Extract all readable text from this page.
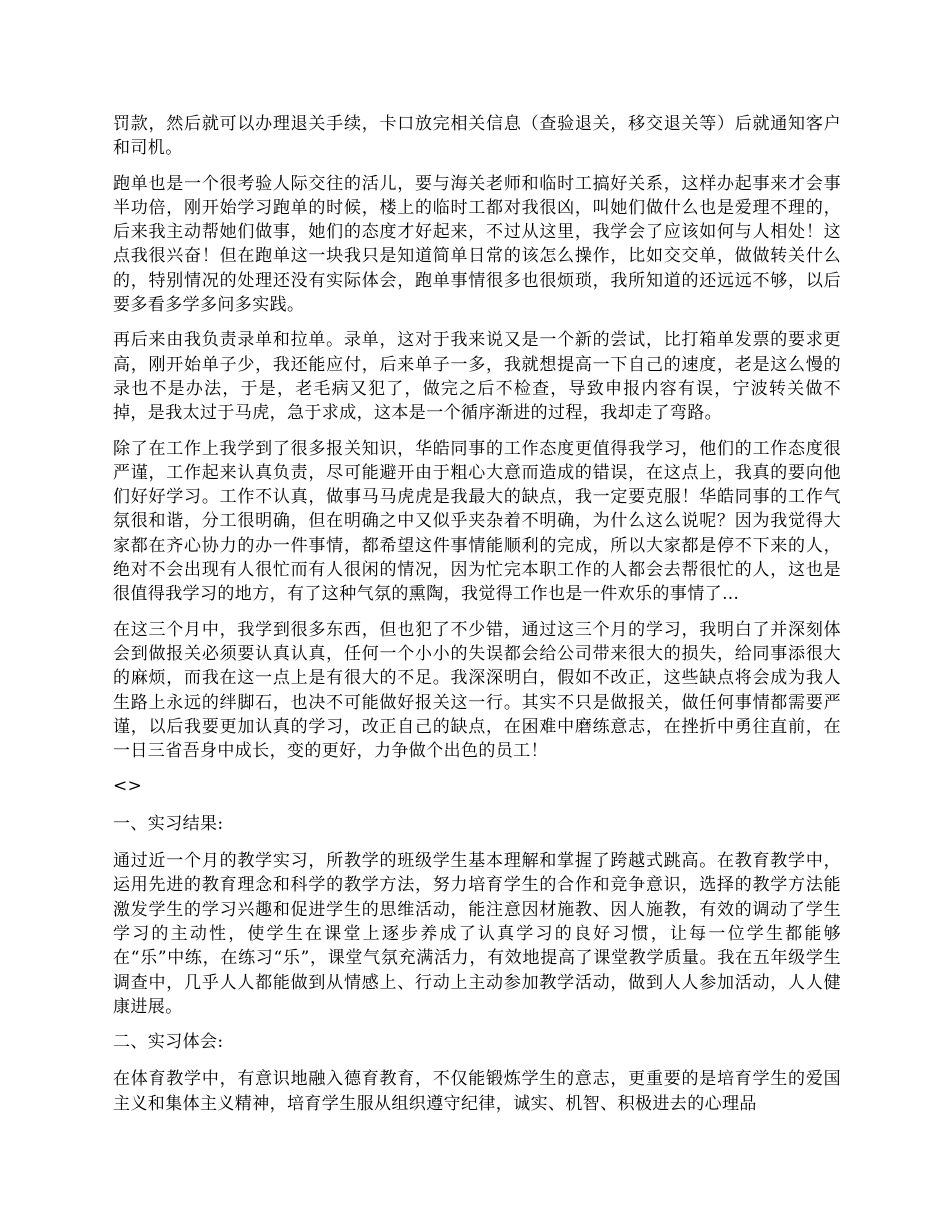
罚款，然后就可以办理退关手续，卡口放完相关信息（查验退关，移交退关等）后就通知客户和司机。

跑单也是一个很考验人际交往的活儿，要与海关老师和临时工搞好关系，这样办起事来才会事半功倍，刚开始学习跑单的时候，楼上的临时工都对我很凶，叫她们做什么也是爱理不理的，后来我主动帮她们做事，她们的态度才好起来，不过从这里，我学会了应该如何与人相处！这点我很兴奋！但在跑单这一块我只是知道简单日常的该怎么操作，比如交交单，做做转关什么的，特别情况的处理还没有实际体会，跑单事情很多也很烦琐，我所知道的还远远不够，以后要多看多学多问多实践。

再后来由我负责录单和拉单。录单，这对于我来说又是一个新的尝试，比打箱单发票的要求更高，刚开始单子少，我还能应付，后来单子一多，我就想提高一下自己的速度，老是这么慢的录也不是办法，于是，老毛病又犯了，做完之后不检查，导致申报内容有误，宁波转关做不掉，是我太过于马虎，急于求成，这本是一个循序渐进的过程，我却走了弯路。

除了在工作上我学到了很多报关知识，华皓同事的工作态度更值得我学习，他们的工作态度很严谨，工作起来认真负责，尽可能避开由于粗心大意而造成的错误，在这点上，我真的要向他们好好学习。工作不认真，做事马马虎虎是我最大的缺点，我一定要克服！华皓同事的工作气氛很和谐，分工很明确，但在明确之中又似乎夹杂着不明确，为什么这么说呢？因为我觉得大家都在齐心协力的办一件事情，都希望这件事情能顺利的完成，所以大家都是停不下来的人，绝对不会出现有人很忙而有人很闲的情况，因为忙完本职工作的人都会去帮很忙的人，这也是很值得我学习的地方，有了这种气氛的熏陶，我觉得工作也是一件欢乐的事情了…

在这三个月中，我学到很多东西，但也犯了不少错，通过这三个月的学习，我明白了并深刻体会到做报关必须要认真认真，任何一个小小的失误都会给公司带来很大的损失，给同事添很大的麻烦，而我在这一点上是有很大的不足。我深深明白，假如不改正，这些缺点将会成为我人生路上永远的绊脚石，也决不可能做好报关这一行。其实不只是做报关，做任何事情都需要严谨，以后我要更加认真的学习，改正自己的缺点，在困难中磨练意志，在挫折中勇往直前，在一日三省吾身中成长，变的更好，力争做个出色的员工！

<>

一、实习结果:

通过近一个月的教学实习，所教学的班级学生基本理解和掌握了跨越式跳高。在教育教学中，运用先进的教育理念和科学的教学方法，努力培育学生的合作和竞争意识，选择的教学方法能激发学生的学习兴趣和促进学生的思维活动，能注意因材施教、因人施教，有效的调动了学生学习的主动性，使学生在课堂上逐步养成了认真学习的良好习惯，让每一位学生都能够在“乐”中练，在练习“乐”，课堂气氛充满活力，有效地提高了课堂教学质量。我在五年级学生调查中，几乎人人都能做到从情感上、行动上主动参加教学活动，做到人人参加活动，人人健康进展。

二、实习体会:

在体育教学中，有意识地融入德育教育，不仅能锻炼学生的意志，更重要的是培育学生的爱国主义和集体主义精神，培育学生服从组织遵守纪律，诚实、机智、积极进去的心理品
